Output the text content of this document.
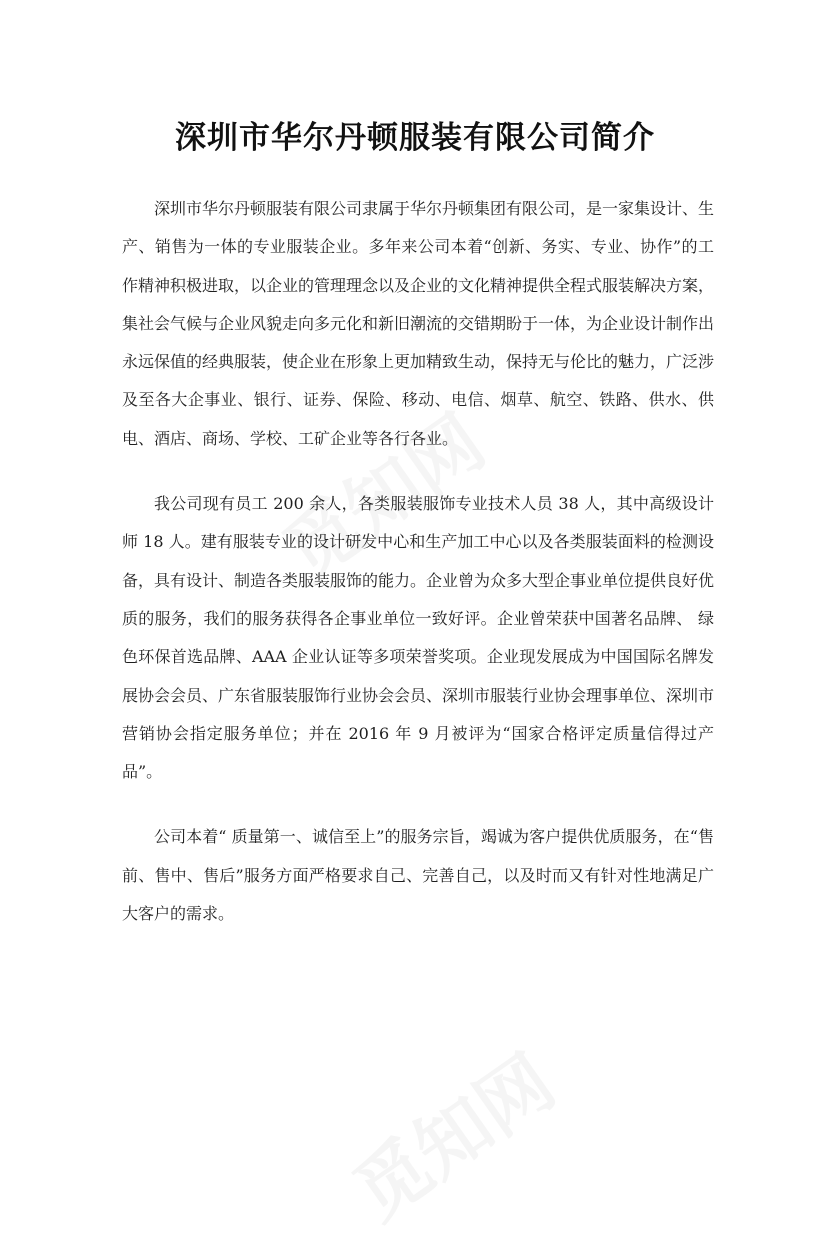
深圳市华尔丹顿服装有限公司简介

深圳市华尔丹顿服装有限公司隶属于华尔丹顿集团有限公司，是一家集设计、生产、销售为一体的专业服装企业。多年来公司本着“创新、务实、专业、协作”的工作精神积极进取，以企业的管理理念以及企业的文化精神提供全程式服装解决方案，集社会气候与企业风貌走向多元化和新旧潮流的交错期盼于一体，为企业设计制作出永远保值的经典服装，使企业在形象上更加精致生动，保持无与伦比的魅力，广泛涉及至各大企事业、银行、证券、保险、移动、电信、烟草、航空、铁路、供水、供电、酒店、商场、学校、工矿企业等各行各业。

我公司现有员工 200 余人，各类服装服饰专业技术人员 38 人，其中高级设计师 18 人。建有服装专业的设计研发中心和生产加工中心以及各类服装面料的检测设备，具有设计、制造各类服装服饰的能力。企业曾为众多大型企事业单位提供良好优质的服务，我们的服务获得各企事业单位一致好评。企业曾荣获中国著名品牌、 绿色环保首选品牌、AAA 企业认证等多项荣誉奖项。企业现发展成为中国国际名牌发展协会会员、广东省服装服饰行业协会会员、深圳市服装行业协会理事单位、深圳市营销协会指定服务单位；并在 2016 年 9 月被评为“国家合格评定质量信得过产品”。

公司本着“ 质量第一、诚信至上”的服务宗旨，竭诚为客户提供优质服务，在“售前、售中、售后”服务方面严格要求自己、完善自己，以及时而又有针对性地满足广大客户的需求。
